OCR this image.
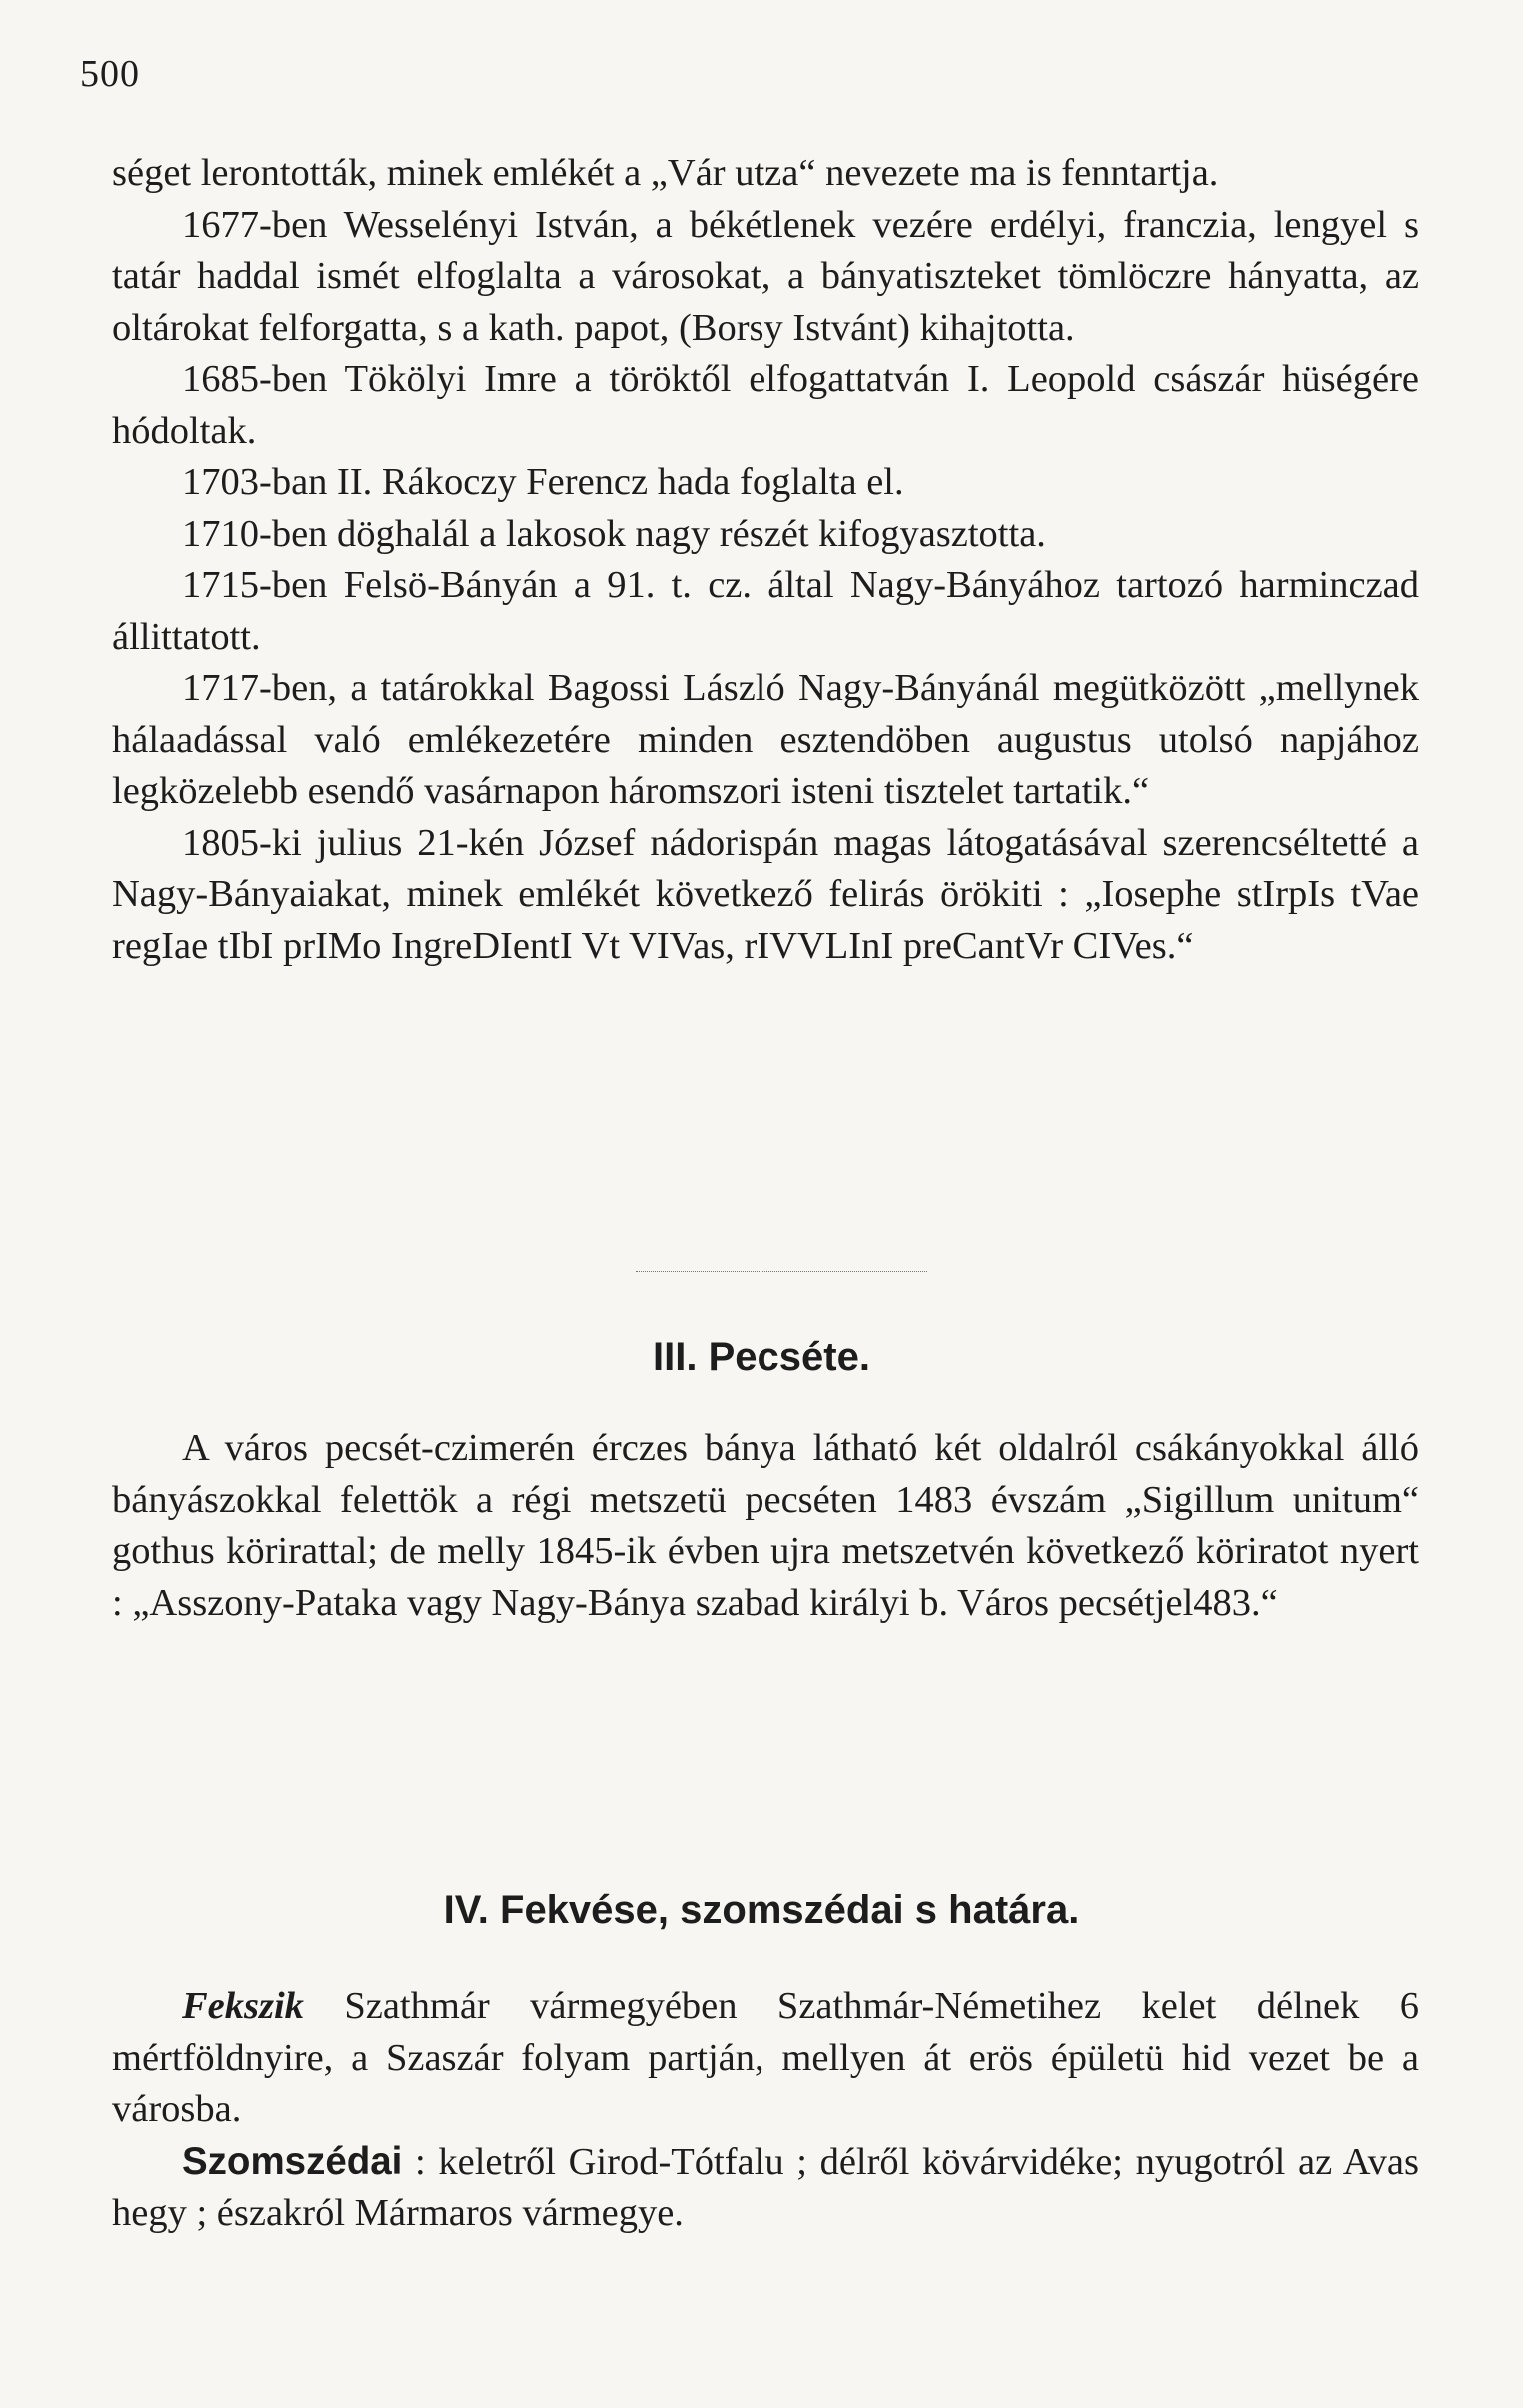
500

séget lerontották, minek emlékét a „Vár utza“ nevezete ma is fenntartja.

1677-ben Wesselényi István, a békétlenek vezére erdélyi, franczia, lengyel s tatár haddal ismét elfoglalta a városokat, a bányatiszteket tömlöczre hányatta, az oltárokat felforgatta, s a kath. papot, (Borsy Istvánt) kihajtotta.

1685-ben Tökölyi Imre a töröktől elfogattatván I. Leopold császár hüségére hódoltak.

1703-ban II. Rákoczy Ferencz hada foglalta el.

1710-ben döghalál a lakosok nagy részét kifogyasztotta.

1715-ben Felsö-Bányán a 91. t. cz. által Nagy-Bányához tartozó harminczad állittatott.

1717-ben, a tatárokkal Bagossi László Nagy-Bányánál megütközött „mellynek hálaadással való emlékezetére minden esztendöben augustus utolsó napjához legközelebb esendő vasárnapon háromszori isteni tisztelet tartatik.“

1805-ki julius 21-kén József nádorispán magas látogatásával szerencséltetté a Nagy-Bányaiakat, minek emlékét következő felirás örökiti : „Iosephe stIrpIs tVae regIae tIbI prIMo IngreDIentI Vt VIVas, rIVVLInI preCantVr CIVes.“

III. Pecséte.

A város pecsét-czimerén érczes bánya látható két oldalról csákányokkal álló bányászokkal felettök a régi metszetü pecséten 1483 évszám „Sigillum unitum“ gothus körirattal; de melly 1845-ik évben ujra metszetvén következő köriratot nyert : „Asszony-Pataka vagy Nagy-Bánya szabad királyi b. Város pecsétjel483.“

IV. Fekvése, szomszédai s határa.

Fekszik Szathmár vármegyében Szathmár-Németihez kelet délnek 6 mértföldnyire, a Szaszár folyam partján, mellyen át erös épületü hid vezet be a városba.

Szomszédai : keletről Girod-Tótfalu ; délről kövárvidéke; nyugotról az Avas hegy ; északról Mármaros vármegye.
